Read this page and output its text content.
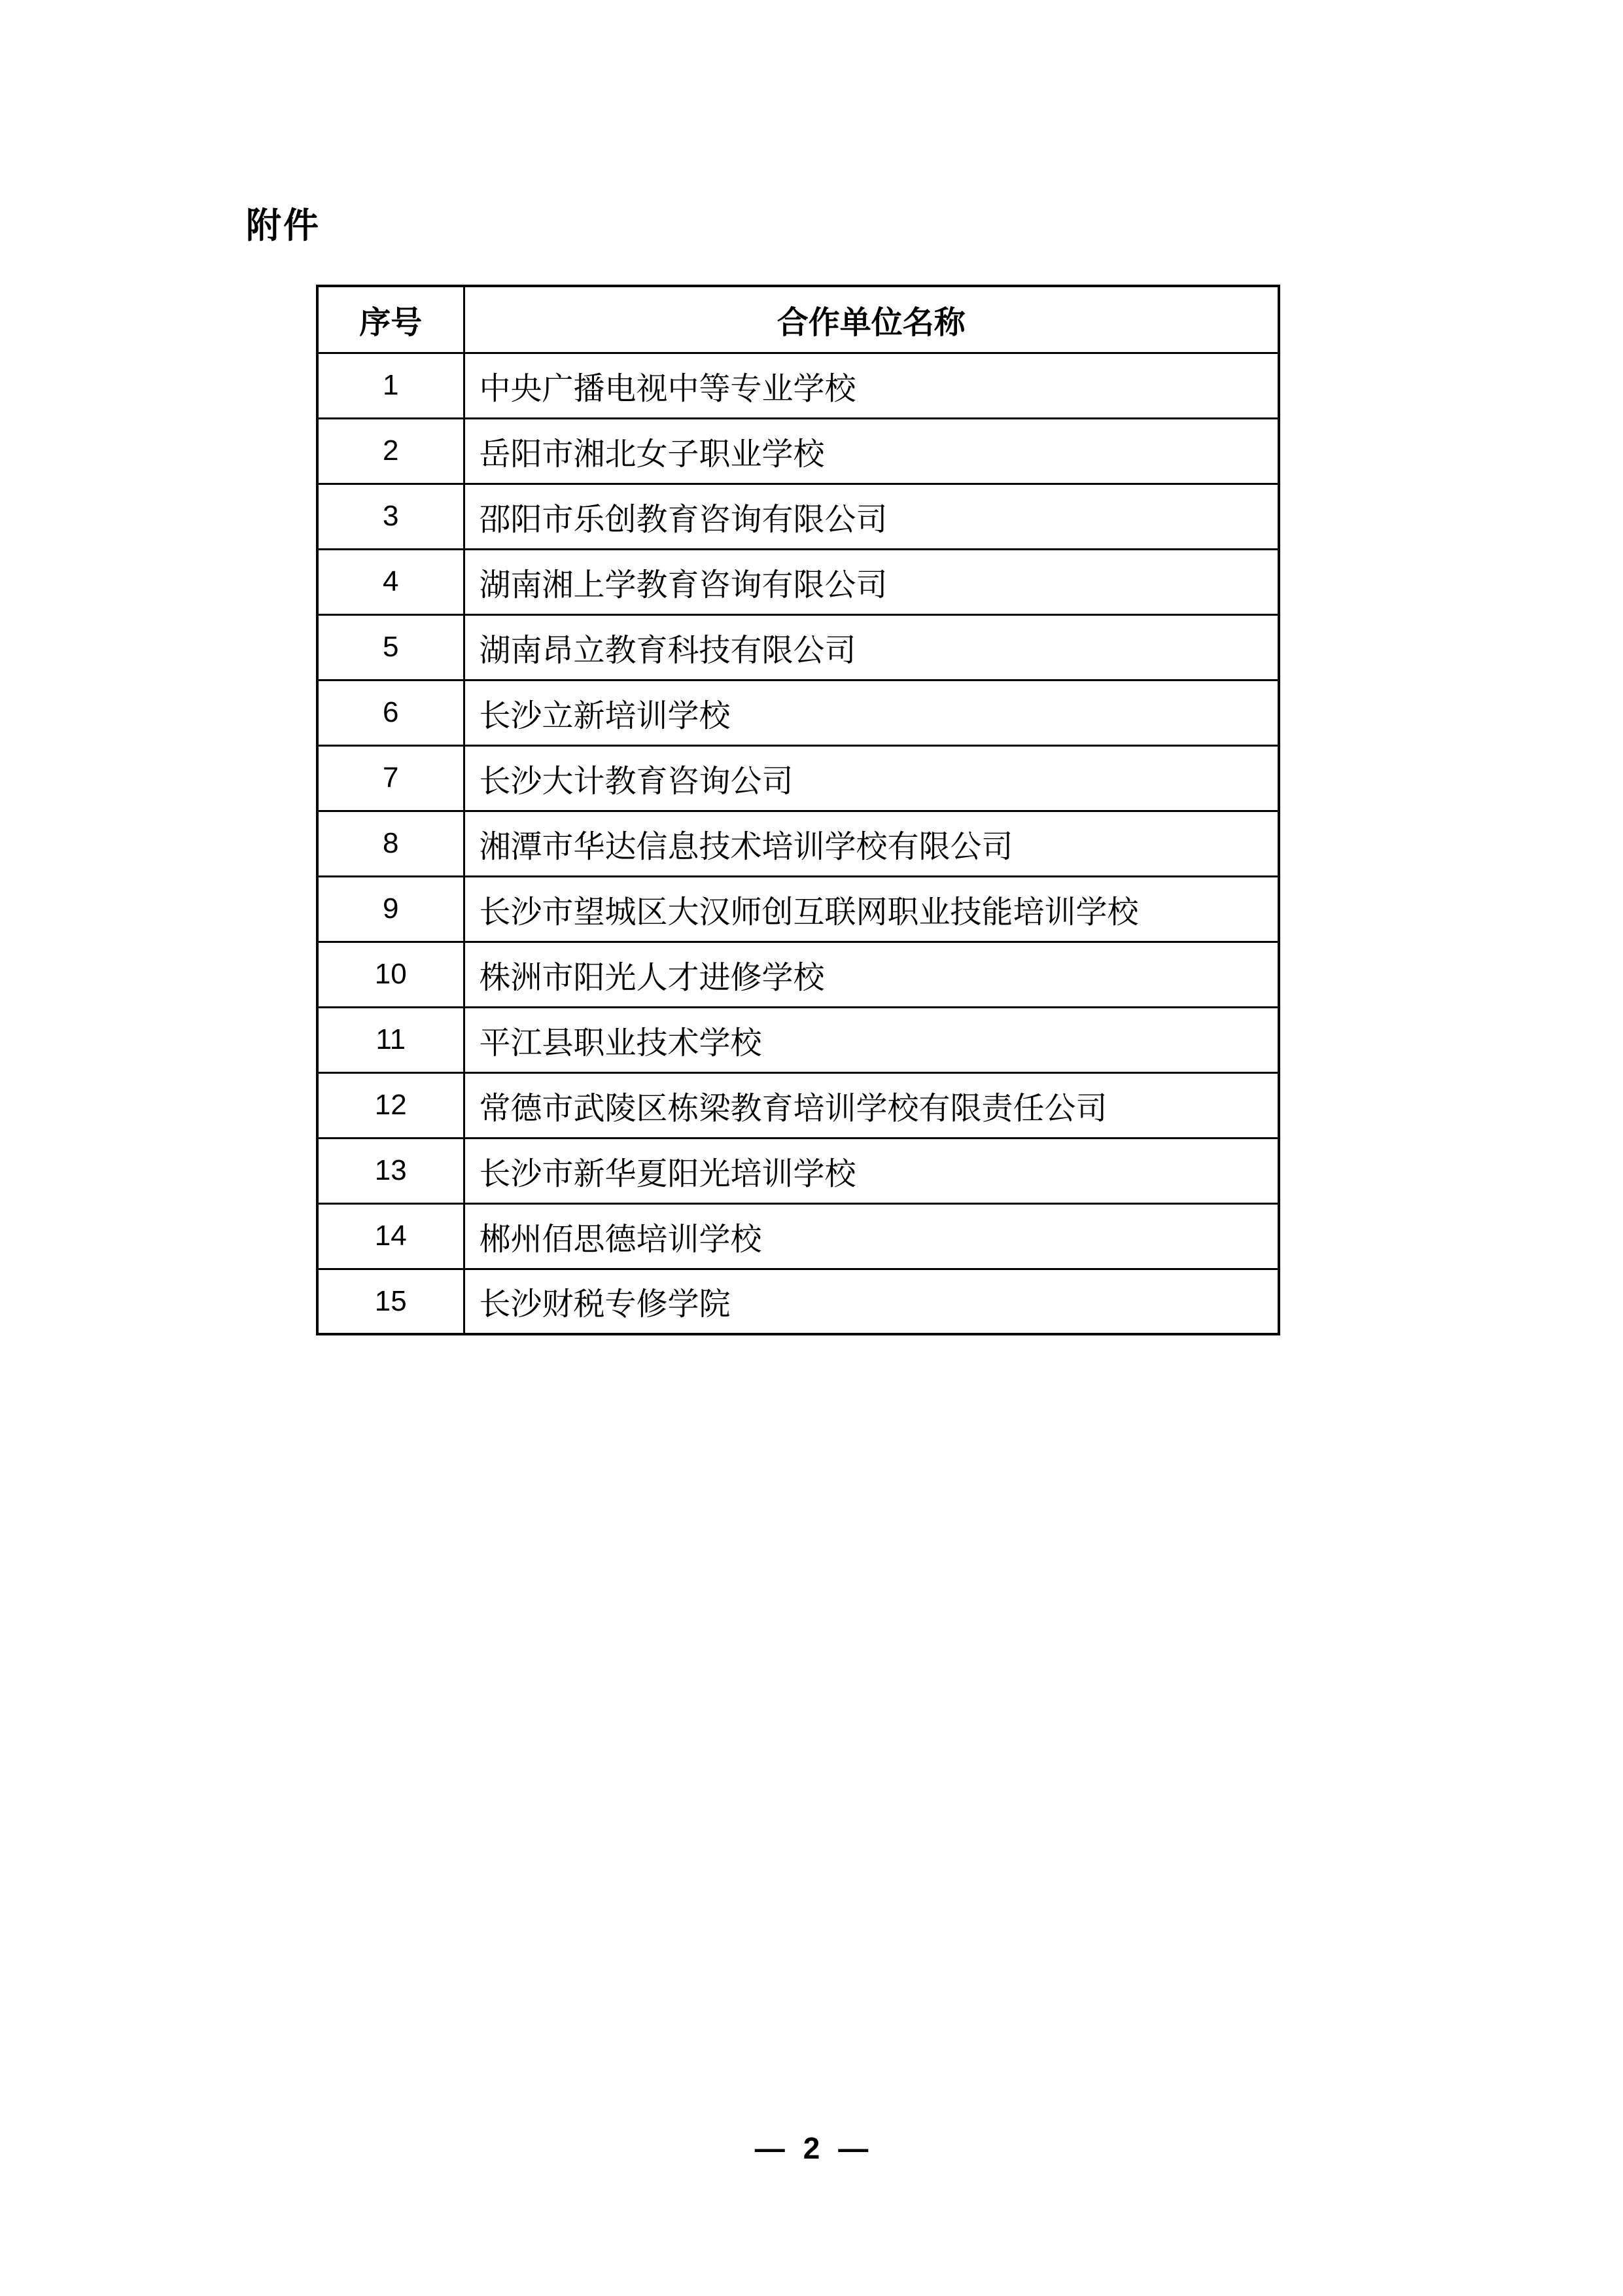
附件
序号	合作单位名称
1	中央广播电视中等专业学校
2	岳阳市湘北女子职业学校
3	邵阳市乐创教育咨询有限公司
4	湖南湘上学教育咨询有限公司
5	湖南昂立教育科技有限公司
6	长沙立新培训学校
7	长沙大计教育咨询公司
8	湘潭市华达信息技术培训学校有限公司
9	长沙市望城区大汉师创互联网职业技能培训学校
10	株洲市阳光人才进修学校
11	平江县职业技术学校
12	常德市武陵区栋梁教育培训学校有限责任公司
13	长沙市新华夏阳光培训学校
14	郴州佰思德培训学校
15	长沙财税专修学院
— 2 —
